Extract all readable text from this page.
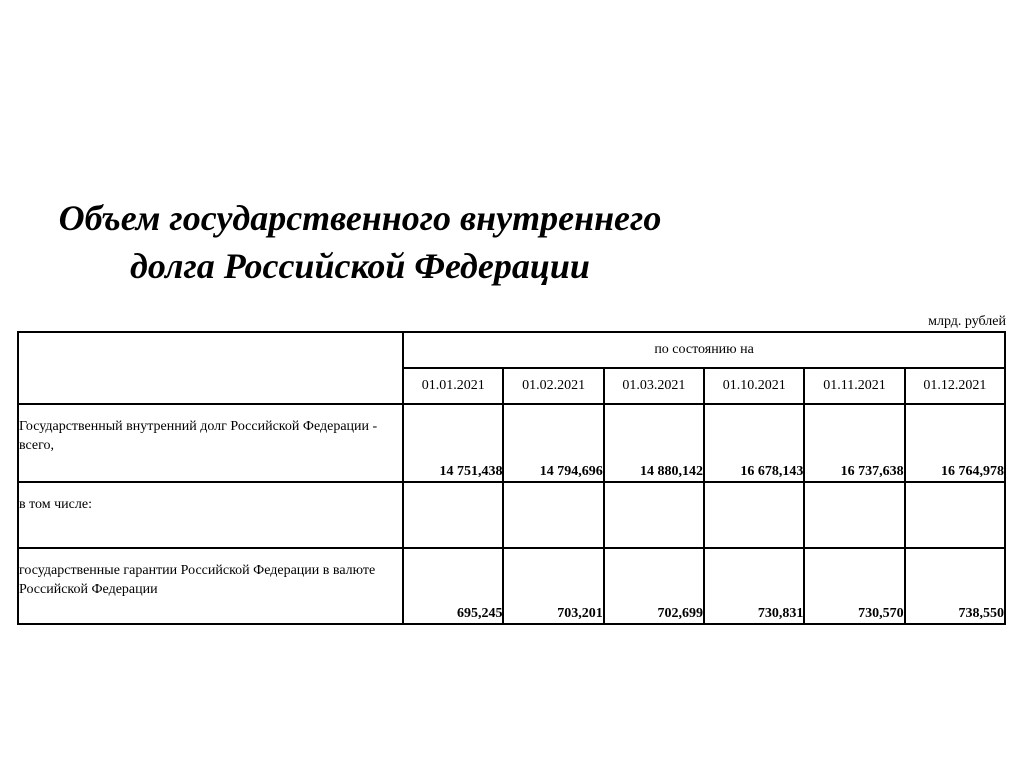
Объем государственного внутреннего
долга Российской Федерации
млрд. рублей
	по состоянию на					
	01.01.2021	01.02.2021	01.03.2021	01.10.2021	01.11.2021	01.12.2021
Государственный внутренний долг Российской Федерации - всего,	14 751,438	14 794,696	14 880,142	16 678,143	16 737,638	16 764,978
в том числе:						
государственные гарантии Российской Федерации в валюте Российской Федерации	695,245	703,201	702,699	730,831	730,570	738,550
